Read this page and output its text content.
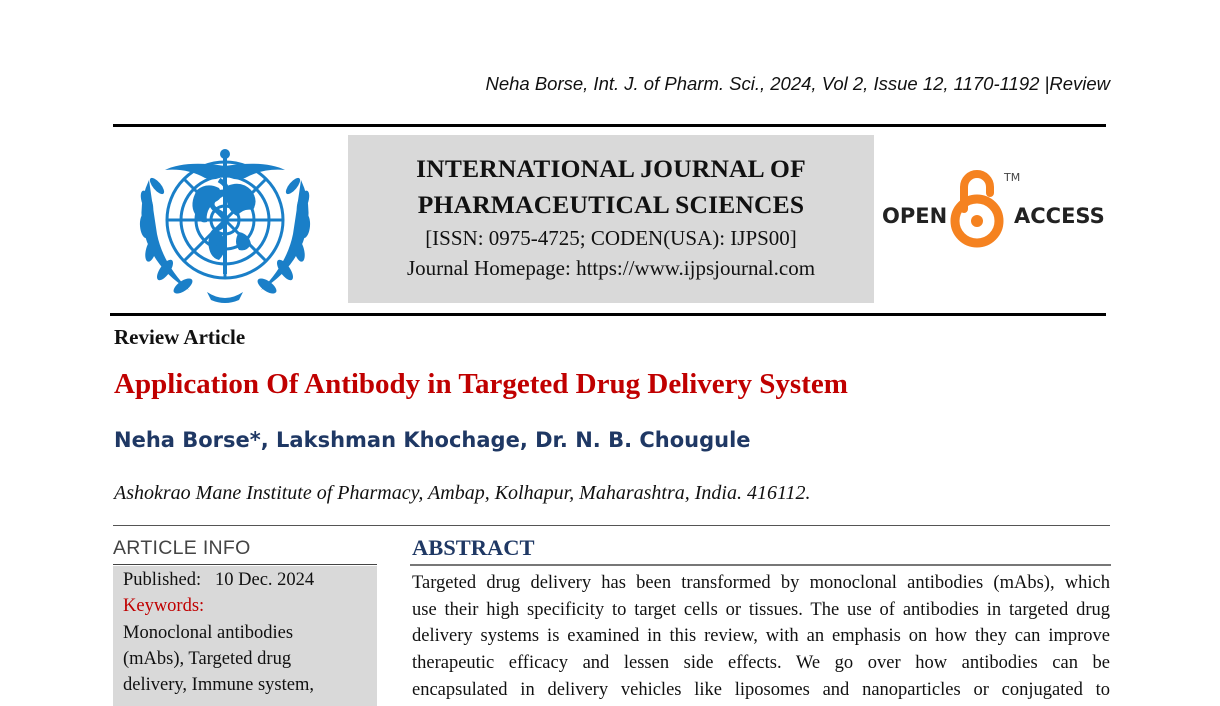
Neha Borse, Int. J. of Pharm. Sci., 2024, Vol 2, Issue 12, 1170-1192 |Review
INTERNATIONAL JOURNAL OF
PHARMACEUTICAL SCIENCES
[ISSN: 0975-4725; CODEN(USA): IJPS00]
Journal Homepage: https://www.ijpsjournal.com
OPEN	ACCESS
TM
Review Article
Application Of Antibody in Targeted Drug Delivery System
Neha Borse*, Lakshman Khochage, Dr. N. B. Chougule
Ashokrao Mane Institute of Pharmacy, Ambap, Kolhapur, Maharashtra, India. 416112.
ARTICLE INFO
Published: 10 Dec. 2024
Keywords:
Monoclonal antibodies
(mAbs), Targeted drug
delivery, Immune system,
ABSTRACT
Targeted drug delivery has been transformed by monoclonal antibodies (mAbs), which
use their high specificity to target cells or tissues. The use of antibodies in targeted drug
delivery systems is examined in this review, with an emphasis on how they can improve
therapeutic efficacy and lessen side effects. We go over how antibodies can be
encapsulated in delivery vehicles like liposomes and nanoparticles or conjugated to
